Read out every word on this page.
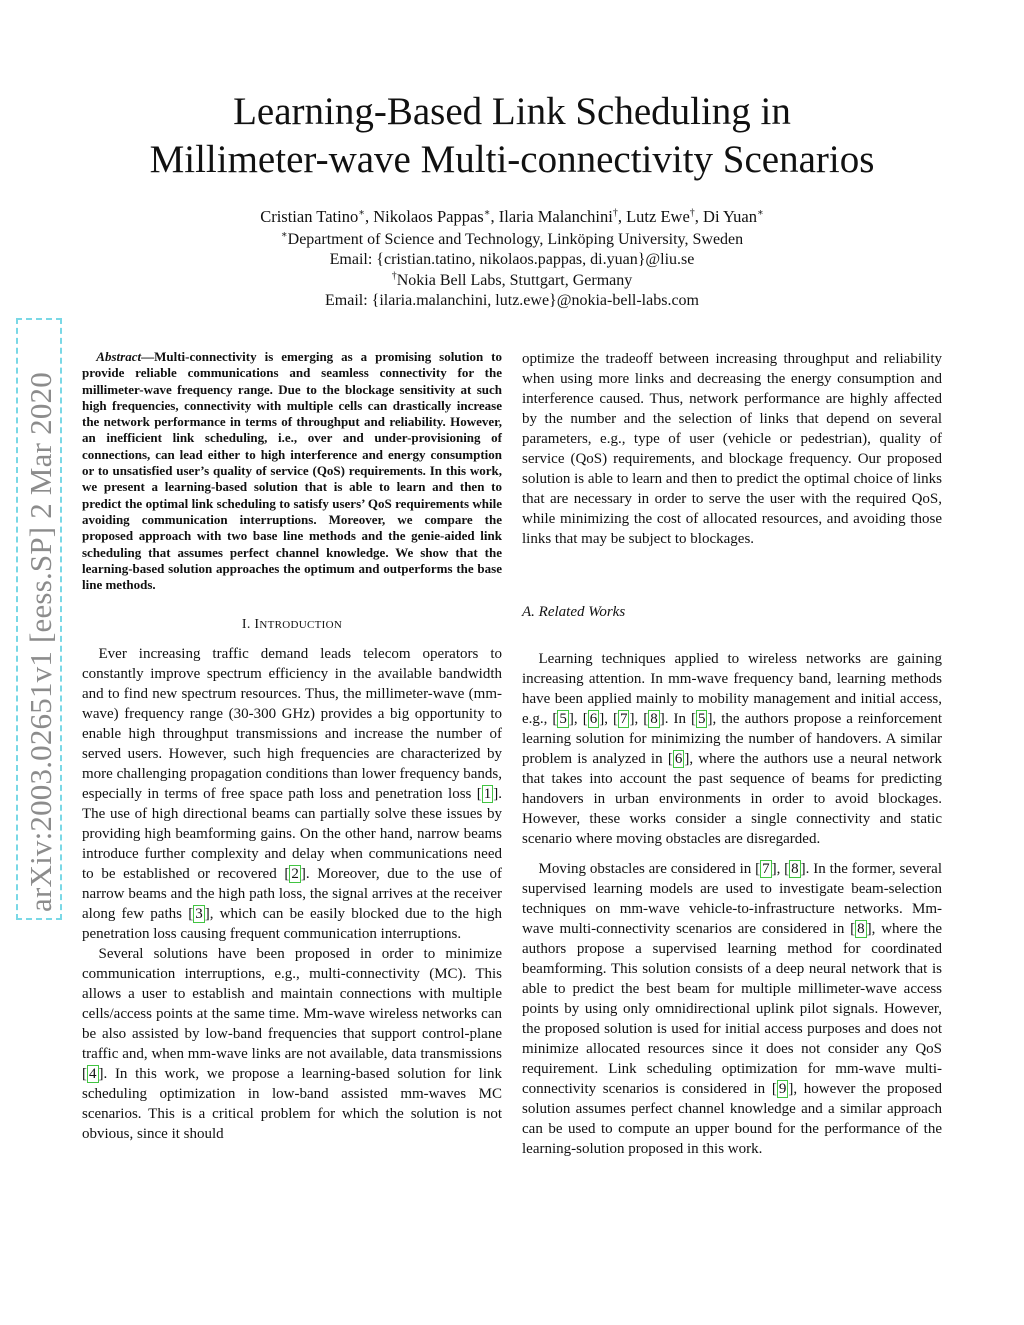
arXiv:2003.02651v1 [eess.SP] 2 Mar 2020
Learning-Based Link Scheduling in
Millimeter-wave Multi-connectivity Scenarios
Cristian Tatino∗, Nikolaos Pappas∗, Ilaria Malanchini†, Lutz Ewe†, Di Yuan∗
∗Department of Science and Technology, Linköping University, Sweden
Email: {cristian.tatino, nikolaos.pappas, di.yuan}@liu.se
†Nokia Bell Labs, Stuttgart, Germany
Email: {ilaria.malanchini, lutz.ewe}@nokia-bell-labs.com

Abstract—Multi-connectivity is emerging as a promising solution to provide reliable communications and seamless connectivity for the millimeter-wave frequency range. Due to the blockage sensitivity at such high frequencies, connectivity with multiple cells can drastically increase the network performance in terms of throughput and reliability. However, an inefficient link scheduling, i.e., over and under-provisioning of connections, can lead either to high interference and energy consumption or to unsatisfied user’s quality of service (QoS) requirements. In this work, we present a learning-based solution that is able to learn and then to predict the optimal link scheduling to satisfy users’ QoS requirements while avoiding communication interruptions. Moreover, we compare the proposed approach with two base line methods and the genie-aided link scheduling that assumes perfect channel knowledge. We show that the learning-based solution approaches the optimum and outperforms the base line methods.

I. INTRODUCTION

Ever increasing traffic demand leads telecom operators to constantly improve spectrum efficiency in the available bandwidth and to find new spectrum resources. Thus, the millimeter-wave (mm-wave) frequency range (30-300 GHz) provides a big opportunity to enable high throughput transmissions and increase the number of served users. However, such high frequencies are characterized by more challenging propagation conditions than lower frequency bands, especially in terms of free space path loss and penetration loss [ 1 ]. The use of high directional beams can partially solve these issues by providing high beamforming gains. On the other hand, narrow beams introduce further complexity and delay when communications need to be established or recovered [ 2 ]. Moreover, due to the use of narrow beams and the high path loss, the signal arrives at the receiver along few paths [ 3 ], which can be easily blocked due to the high penetration loss causing frequent communication interruptions.

Several solutions have been proposed in order to minimize communication interruptions, e.g., multi-connectivity (MC). This allows a user to establish and maintain connections with multiple cells/access points at the same time. Mm-wave wireless networks can be also assisted by low-band frequencies that support control-plane traffic and, when mm-wave links are not available, data transmissions [ 4 ]. In this work, we propose a learning-based solution for link scheduling optimization in low-band assisted mm-waves MC scenarios. This is a critical problem for which the solution is not obvious, since it should

optimize the tradeoff between increasing throughput and reliability when using more links and decreasing the energy consumption and interference caused. Thus, network performance are highly affected by the number and the selection of links that depend on several parameters, e.g., type of user (vehicle or pedestrian), quality of service (QoS) requirements, and blockage frequency. Our proposed solution is able to learn and then to predict the optimal choice of links that are necessary in order to serve the user with the required QoS, while minimizing the cost of allocated resources, and avoiding those links that may be subject to blockages.

A. Related Works

Learning techniques applied to wireless networks are gaining increasing attention. In mm-wave frequency band, learning methods have been applied mainly to mobility management and initial access, e.g., [ 5 ], [ 6 ], [ 7 ], [ 8 ]. In [ 5 ], the authors propose a reinforcement learning solution for minimizing the number of handovers. A similar problem is analyzed in [ 6 ], where the authors use a neural network that takes into account the past sequence of beams for predicting handovers in urban environments in order to avoid blockages. However, these works consider a single connectivity and static scenario where moving obstacles are disregarded.

Moving obstacles are considered in [ 7 ], [ 8 ]. In the former, several supervised learning models are used to investigate beam-selection techniques on mm-wave vehicle-to-infrastructure networks. Mm-wave multi-connectivity scenarios are considered in [ 8 ], where the authors propose a supervised learning method for coordinated beamforming. This solution consists of a deep neural network that is able to predict the best beam for multiple millimeter-wave access points by using only omnidirectional uplink pilot signals. However, the proposed solution is used for initial access purposes and does not minimize allocated resources since it does not consider any QoS requirement. Link scheduling optimization for mm-wave multi-connectivity scenarios is considered in [ 9 ], however the proposed solution assumes perfect channel knowledge and a similar approach can be used to compute an upper bound for the performance of the learning-solution proposed in this work.
